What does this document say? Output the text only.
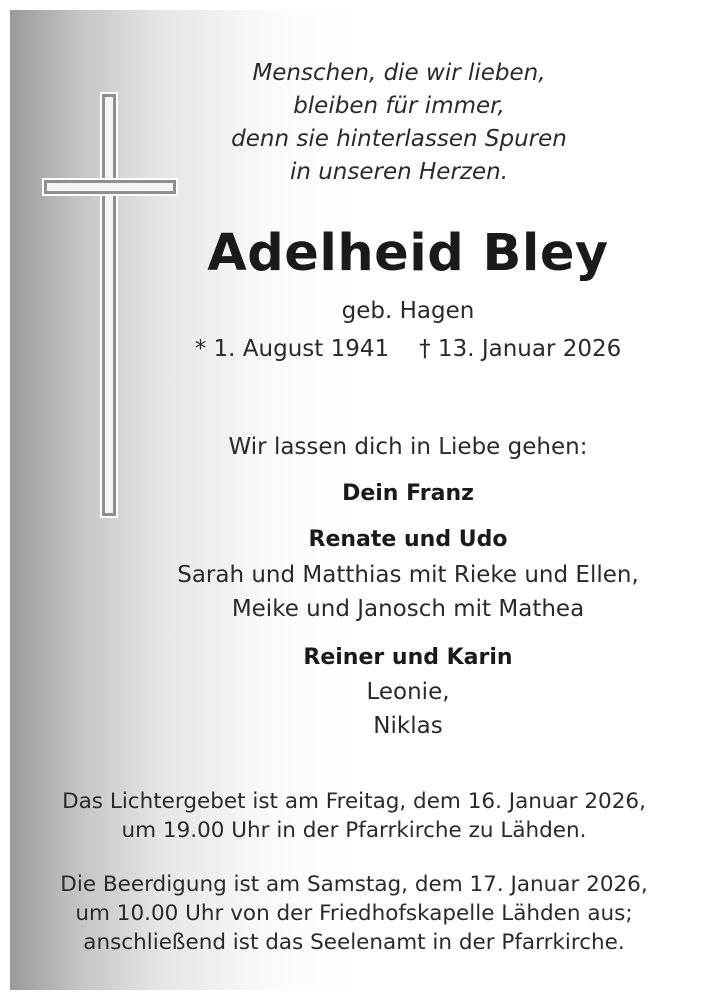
Menschen, die wir lieben,
bleiben für immer,
denn sie hinterlassen Spuren
in unseren Herzen.
Adelheid Bley
geb. Hagen
* 1. August 1941 † 13. Januar 2026
Wir lassen dich in Liebe gehen:
Dein Franz
Renate und Udo
Sarah und Matthias mit Rieke und Ellen,
Meike und Janosch mit Mathea
Reiner und Karin
Leonie,
Niklas
Das Lichtergebet ist am Freitag, dem 16. Januar 2026,
um 19.00 Uhr in der Pfarrkirche zu Lähden.
Die Beerdigung ist am Samstag, dem 17. Januar 2026,
um 10.00 Uhr von der Friedhofskapelle Lähden aus;
anschließend ist das Seelenamt in der Pfarrkirche.
